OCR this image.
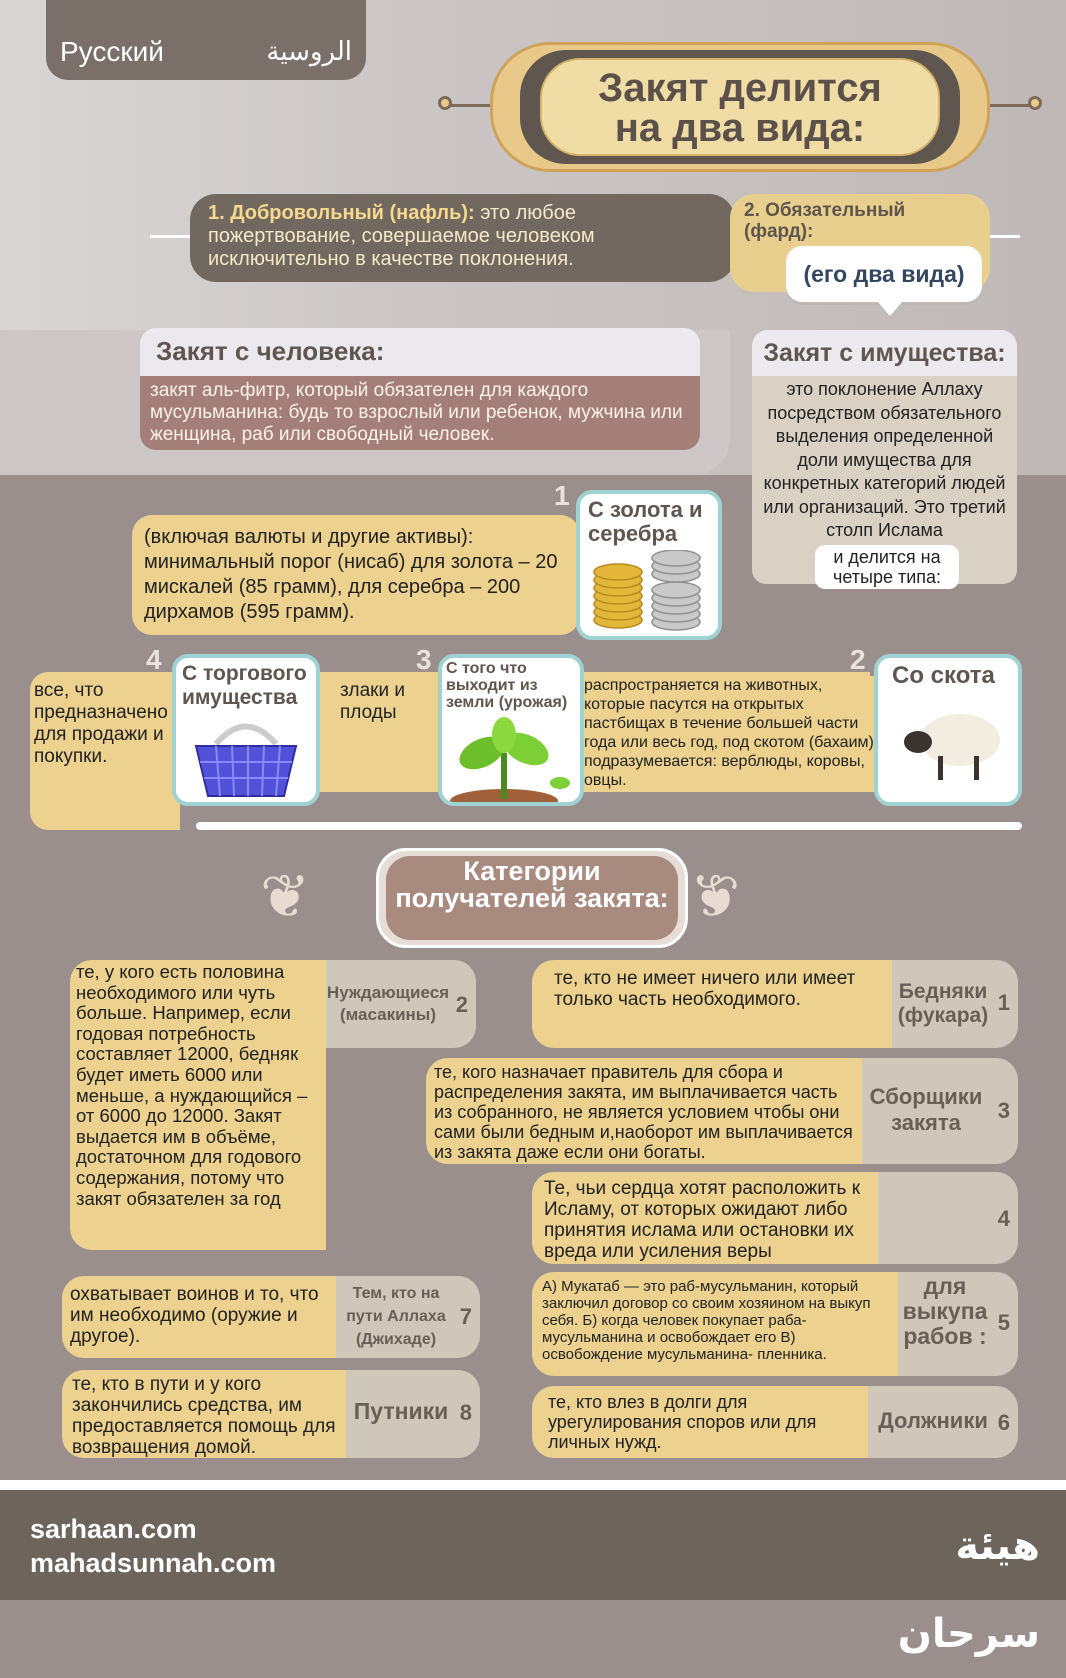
Русский	الروسية
Закят делится
на два вида:
1. Добровольный (нафль): это любое пожертвование, совершаемое человеком исключительно в качестве поклонения.
2. Обязательный (фард):
(его два вида)
Закят с человека:
закят аль-фитр, который обязателен для каждого мусульманина: будь то взрослый или ребенок, мужчина или женщина, раб или свободный человек.
Закят с имущества:
это поклонение Аллаху посредством обязательного выделения определенной доли имущества для конкретных категорий людей или организаций. Это третий столп Ислама
и делится на четыре типа:
(включая валюты и другие активы): минимальный порог (нисаб) для золота – 20 мискалей (85 грамм), для серебра – 200 дирхамов (595 грамм).
1 С золота и серебра
все, что предназначено для продажи и покупки.
4 С торгового имущества	злаки и плоды
3 С того что выходит из земли (урожая)
распространяется на животных, которые пасутся на открытых пастбищах в течение большей части года или весь год, под скотом (бахаим) подразумевается: верблюды, коровы, овцы.
2
Со скота
❦	❦
Категории получателей закята:
те, кто не имеет ничего или имеет только часть необходимого.	Бедняки (фукара)
1
те, у кого есть половина необходимого или чуть больше. Например, если годовая потребность составляет 12000, бедняк будет иметь 6000 или меньше, а нуждающийся – от 6000 до 12000. Закят выдается им в объёме, достаточном для годового содержания, потому что закят обязателен за год
Нуждающиеся (масакины) 2
те, кого назначает правитель для сбора и распределения закята, им выплачивается часть из собранного, не является условием чтобы они сами были бедным и,наоборот им выплачивается из закята даже если они богаты.
Сборщики закята	3
Те, чьи сердца хотят расположить к Исламу, от которых ожидают либо принятия ислама или остановки их вреда или усиления веры
4
А) Мукатаб — это раб-мусульманин, который заключил договор со своим хозяином на выкуп себя. Б) когда человек покупает раба-мусульманина и освобождает его В) освобождение мусульманина- пленника.
для выкупа рабов :
5
те, кто влез в долги для урегулирования споров или для личных нужд.
Должники 6
охватывает воинов и то, что им необходимо (оружие и другое).
Тем, кто на пути Аллаха (Джихаде)
7
те, кто в пути и у кого закончились средства, им предоставляется помощь для возвращения домой.
Путники 8
sarhaan.com
mahadsunnah.com	هيئة سرحان
